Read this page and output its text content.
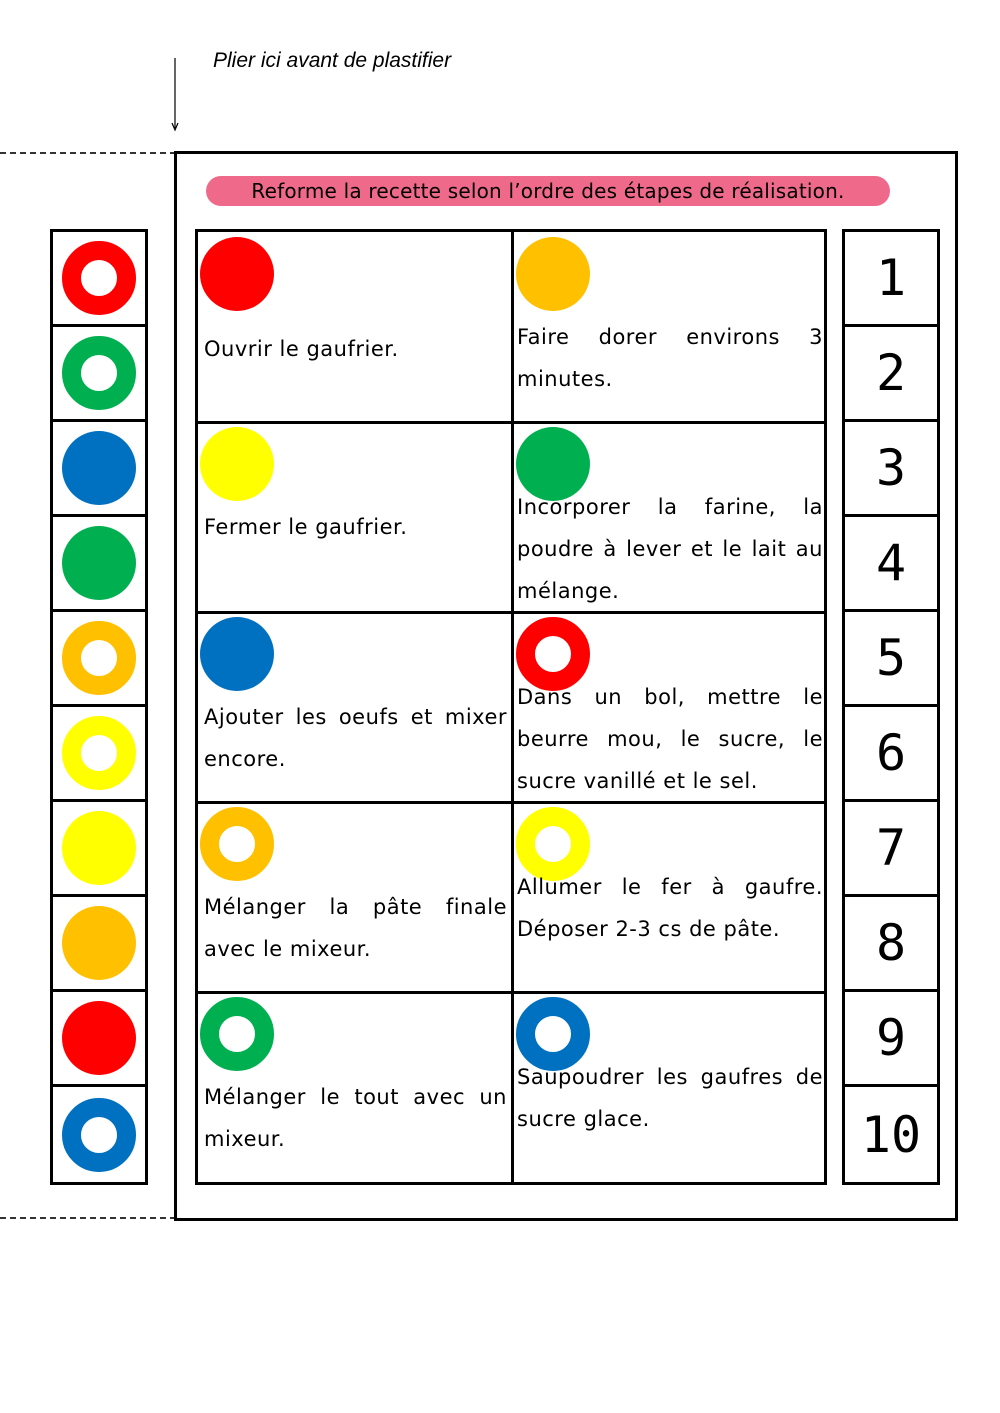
Plier ici avant de plastifier
Reforme la recette selon l’ordre des étapes de réalisation.
Ouvrir le gaufrier.	Faire dorer environs 3 minutes.
Fermer le gaufrier.
Incorporer la farine, la poudre à lever et le lait au mélange.
Ajouter les oeufs et mixer encore.
Dans un bol, mettre le beurre mou, le sucre, le sucre vanillé et le sel.
Mélanger la pâte finale avec le mixeur.
Allumer le fer à gaufre. Déposer 2-3 cs de pâte.
Mélanger le tout avec un mixeur.
Saupoudrer les gaufres de sucre glace.
1
2
3
4
5
6
7
8
9
10
